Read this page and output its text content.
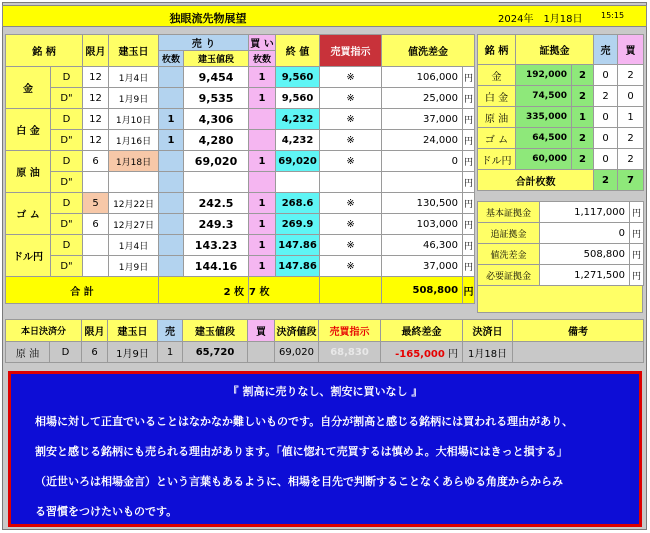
独眼流先物展望	2024年　1月18日 15:15
銘 柄		限月	建玉日	売 り		買 い	終 値	売買指示	値洗差金	
				枚数	建玉値段	枚数				
金	D	12	1月4日		9,454	1	9,560	※	106,000	円
	D"	12	1月9日		9,535	1	9,560	※	25,000	円
白 金	D	12	1月10日	1	4,306		4,232	※	37,000	円
	D"	12	1月16日	1	4,280		4,232	※	24,000	円
原 油	D	6	1月18日		69,020	1	69,020	※	0	円
	D"									円
ゴ ム	D	5	12月22日		242.5	1	268.6	※	130,500	円
	D"	6	12月27日		249.3	1	269.9	※	103,000	円
ドル円	D		1月4日		143.23	1	147.86	※	46,300	円
	D"		1月9日		144.16	1	147.86	※	37,000	円
合 計				2 枚		7 枚			508,800	円
銘 柄	証拠金		売	買
金	192,000	2	0	2
白 金	74,500	2	2	0
原 油	335,000	1	0	1
ゴ ム	64,500	2	0	2
ドル円	60,000	2	0	2
合計枚数			2	7
基本証拠金	1,117,000	円
追証拠金	0	円
値洗差金	508,800	円
必要証拠金	1,271,500	円
本日決済分		限月	建玉日	売	建玉値段	買	決済値段	売買指示	最終差金	決済日	備考
原 油	D	6	1月9日	1	65,720		69,020	68,830	-165,000 円	1月18日	
『 割高に売りなし、割安に買いなし 』
相場に対して正直でいることはなかなか難しいものです。自分が割高と感じる銘柄には買われる理由があり、
割安と感じる銘柄にも売られる理由があります。「値に惚れて売買するは慎めよ。大相場にはきっと損する」
（近世いろは相場金言）という言葉もあるように、相場を目先で判断することなくあらゆる角度からからみ
る習慣をつけたいものです。
